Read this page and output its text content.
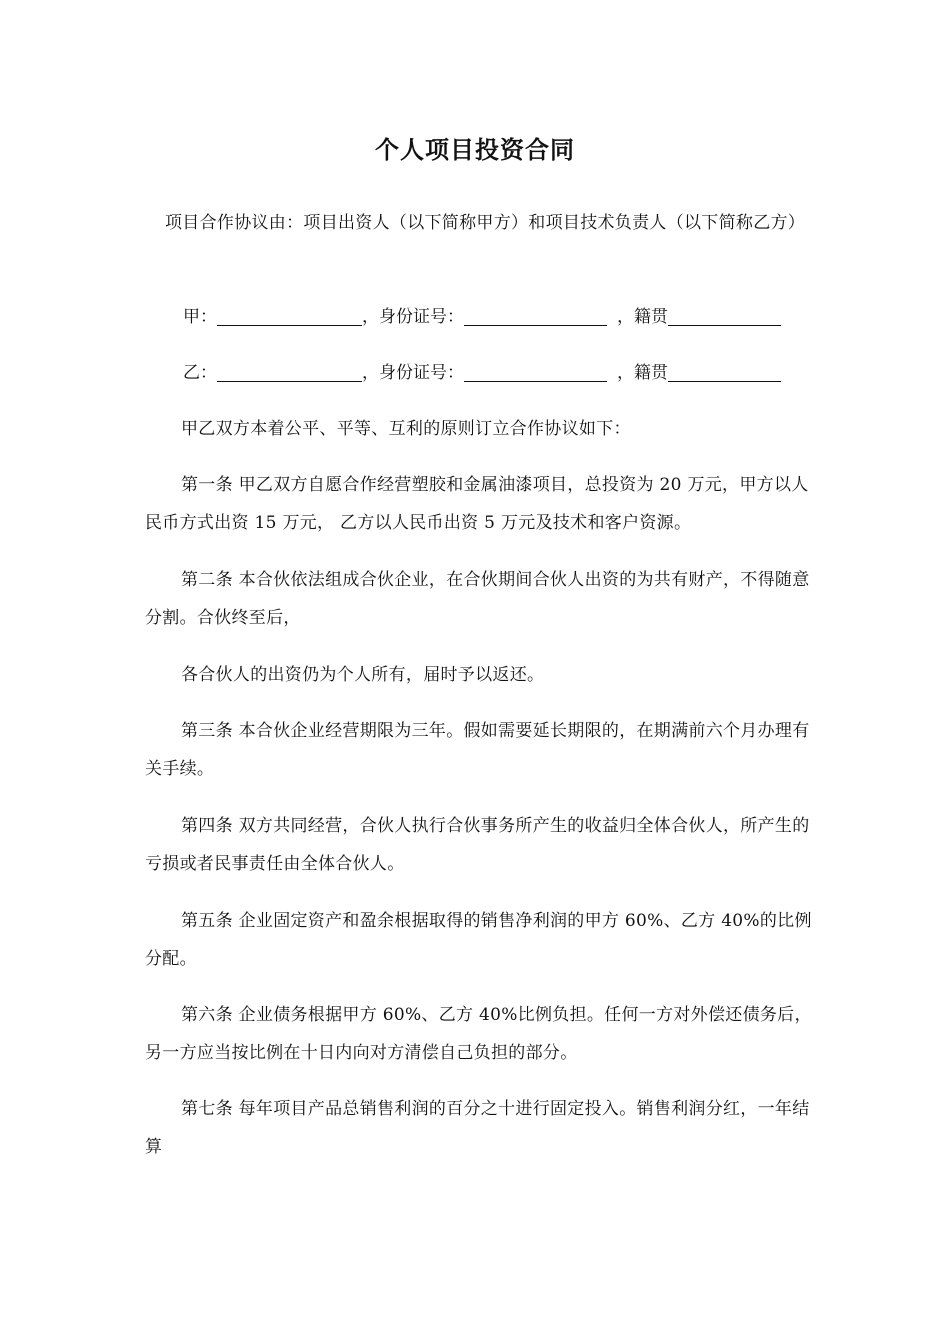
个人项目投资合同
项目合作协议由：项目出资人（以下简称甲方）和项目技术负责人（以下简称乙方）
甲：	，身份证号：	，籍贯
乙：	，身份证号：	，籍贯
甲乙双方本着公平、平等、互利的原则订立合作协议如下：
第一条 甲乙双方自愿合作经营塑胶和金属油漆项目，总投资为 20 万元，甲方以人民币方式出资 15 万元， 乙方以人民币出资 5 万元及技术和客户资源。
第二条 本合伙依法组成合伙企业，在合伙期间合伙人出资的为共有财产，不得随意分割。合伙终至后，
各合伙人的出资仍为个人所有，届时予以返还。
第三条 本合伙企业经营期限为三年。假如需要延长期限的，在期满前六个月办理有关手续。
第四条 双方共同经营，合伙人执行合伙事务所产生的收益归全体合伙人，所产生的亏损或者民事责任由全体合伙人。
第五条 企业固定资产和盈余根据取得的销售净利润的甲方 60%、乙方 40%的比例分配。
第六条 企业债务根据甲方 60%、乙方 40%比例负担。任何一方对外偿还债务后，另一方应当按比例在十日内向对方清偿自己负担的部分。
第七条 每年项目产品总销售利润的百分之十进行固定投入。销售利润分红，一年结算
